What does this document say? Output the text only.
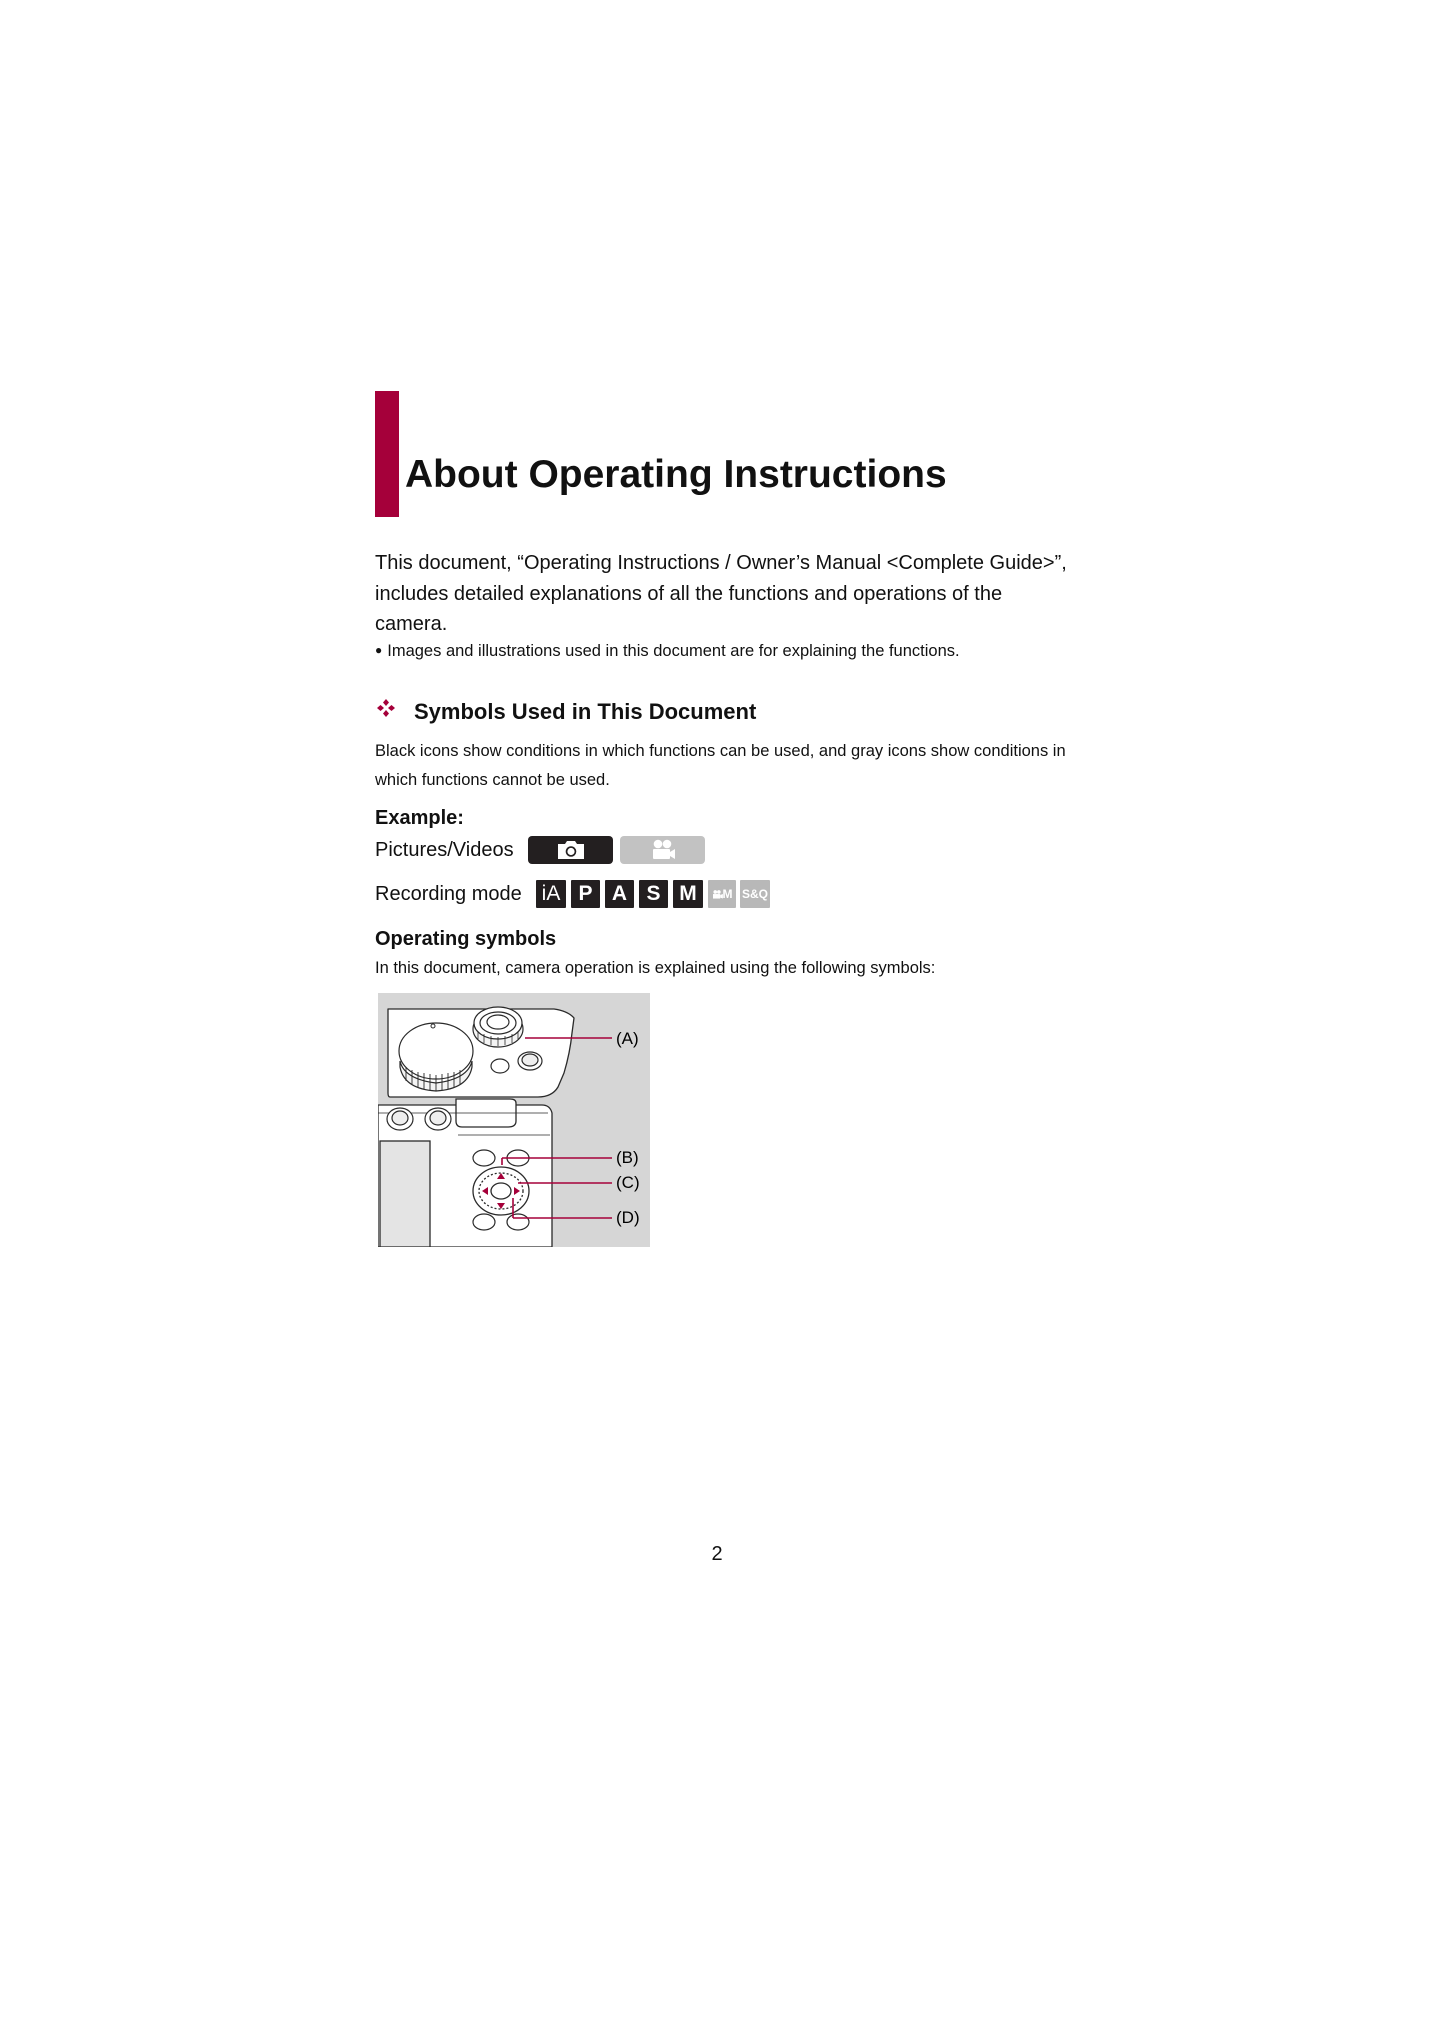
About Operating Instructions

This document, “Operating Instructions / Owner’s Manual <Complete Guide>”, includes detailed explanations of all the functions and operations of the camera.

● Images and illustrations used in this document are for explaining the functions.
Symbols Used in This Document

Black icons show conditions in which functions can be used, and gray icons show conditions in which functions cannot be used.

Example:
Pictures/Videos
Recording mode iA P A S M	M S&Q
Operating symbols
In this document, camera operation is explained using the following symbols:
(A)
(B)
(C)
(D)
2
